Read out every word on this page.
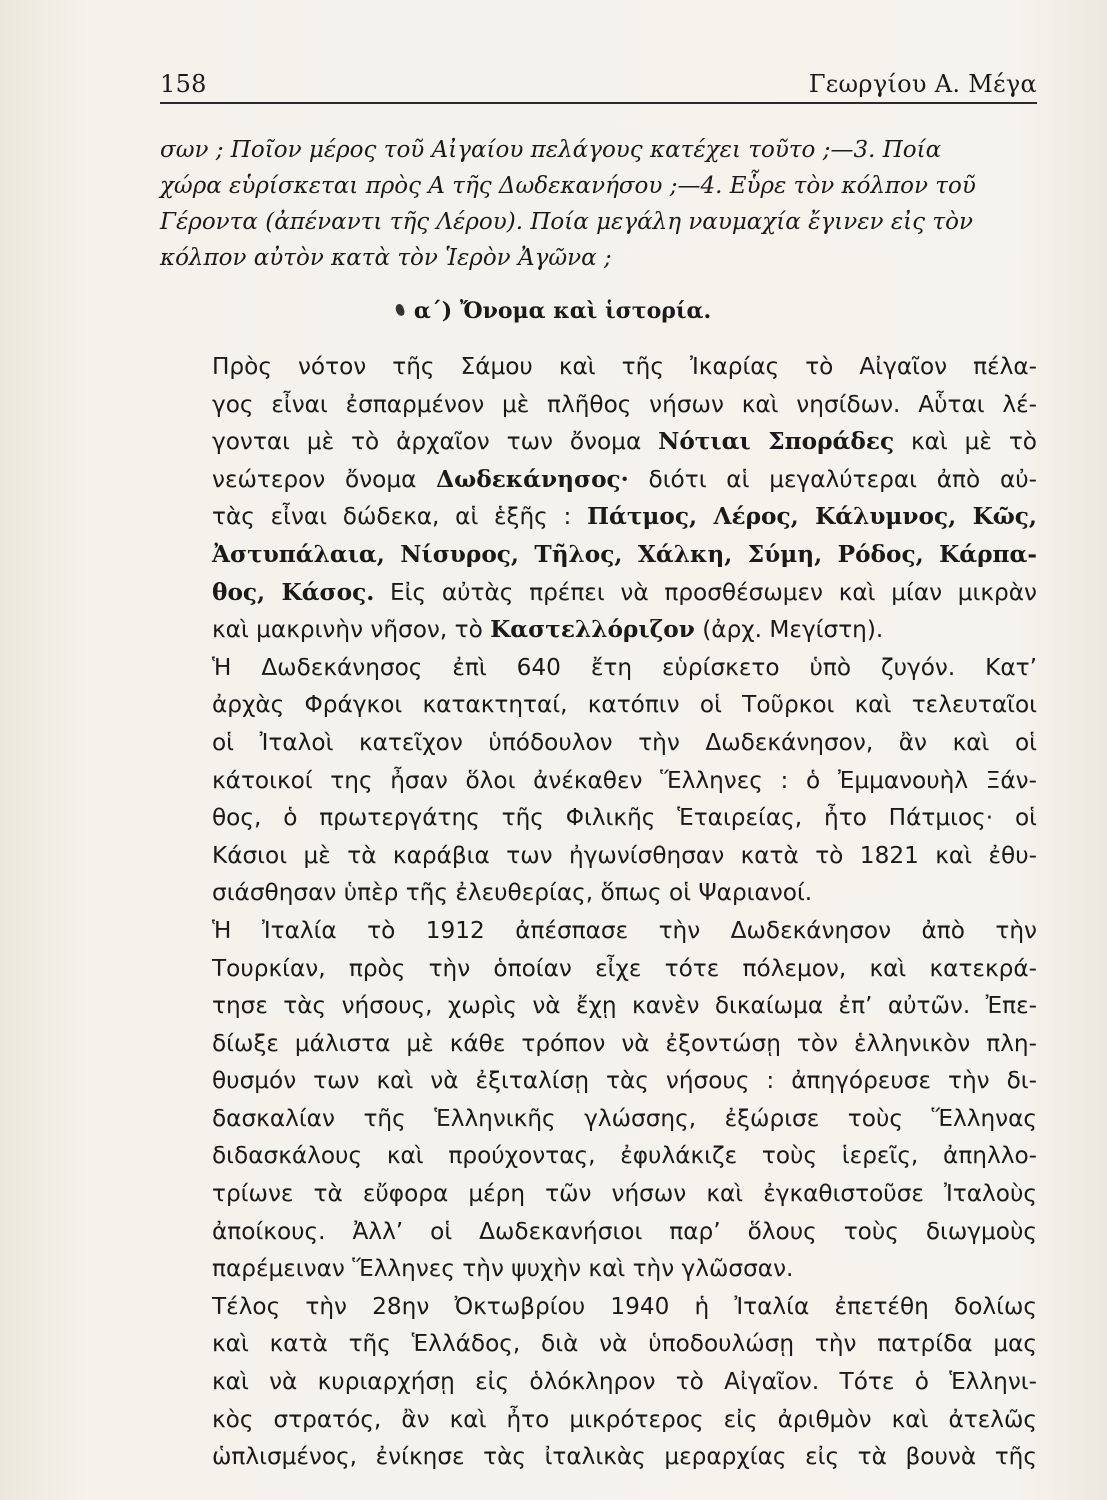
158	Γεωργίου Α. Μέγα
σων ; Ποῖον μέρος τοῦ Αἰγαίου πελάγους κατέχει τοῦτο ;—3. Ποία
χώρα εὑρίσκεται πρὸς Α τῆς Δωδεκανήσου ;—4. Εὗρε τὸν κόλπον τοῦ
Γέροντα (ἀπέναντι τῆς Λέρου). Ποία μεγάλη ναυμαχία ἔγινεν εἰς τὸν
κόλπον αὐτὸν κατὰ τὸν Ἱερὸν Ἀγῶνα ;
α΄) Ὄνομα καὶ ἱστορία.

Πρὸς νότον τῆς Σάμου καὶ τῆς Ἰκαρίας τὸ Αἰγαῖον πέλα-
γος εἶναι ἐσπαρμένον μὲ πλῆθος νήσων καὶ νησίδων. Αὗται λέ-
γονται μὲ τὸ ἀρχαῖον των ὄνομα Νότιαι Σποράδες καὶ μὲ τὸ
νεώτερον ὄνομα Δωδεκάνησος· διότι αἱ μεγαλύτεραι ἀπὸ αὐ-
τὰς εἶναι δώδεκα, αἱ ἑξῆς : Πάτμος, Λέρος, Κάλυμνος, Κῶς,
Ἀστυπάλαια, Νίσυρος, Τῆλος, Χάλκη, Σύμη, Ρόδος, Κάρπα-
θος, Κάσος. Εἰς αὐτὰς πρέπει νὰ προσθέσωμεν καὶ μίαν μικρὰν
καὶ μακρινὴν νῆσον, τὸ Καστελλόριζον (ἀρχ. Μεγίστη).

Ἡ Δωδεκάνησος ἐπὶ 640 ἔτη εὑρίσκετο ὑπὸ ζυγόν. Κατ’
ἀρχὰς Φράγκοι κατακτηταί, κατόπιν οἱ Τοῦρκοι καὶ τελευταῖοι
οἱ Ἰταλοὶ κατεῖχον ὑπόδουλον τὴν Δωδεκάνησον, ἂν καὶ οἱ
κάτοικοί της ἦσαν ὅλοι ἀνέκαθεν Ἕλληνες : ὁ Ἐμμανουὴλ Ξάν-
θος, ὁ πρωτεργάτης τῆς Φιλικῆς Ἑταιρείας, ἦτο Πάτμιος· οἱ
Κάσιοι μὲ τὰ καράβια των ἠγωνίσθησαν κατὰ τὸ 1821 καὶ ἐθυ-
σιάσθησαν ὑπὲρ τῆς ἐλευθερίας, ὅπως οἱ Ψαριανοί.

Ἡ Ἰταλία τὸ 1912 ἀπέσπασε τὴν Δωδεκάνησον ἀπὸ τὴν
Τουρκίαν, πρὸς τὴν ὁποίαν εἶχε τότε πόλεμον, καὶ κατεκρά-
τησε τὰς νήσους, χωρὶς νὰ ἔχῃ κανὲν δικαίωμα ἐπ’ αὐτῶν. Ἐπε-
δίωξε μάλιστα μὲ κάθε τρόπον νὰ ἐξοντώσῃ τὸν ἑλληνικὸν πλη-
θυσμόν των καὶ νὰ ἐξιταλίσῃ τὰς νήσους : ἀπηγόρευσε τὴν δι-
δασκαλίαν τῆς Ἑλληνικῆς γλώσσης, ἐξώρισε τοὺς Ἕλληνας
διδασκάλους καὶ προύχοντας, ἐφυλάκιζε τοὺς ἱερεῖς, ἀπηλλο-
τρίωνε τὰ εὔφορα μέρη τῶν νήσων καὶ ἐγκαθιστοῦσε Ἰταλοὺς
ἀποίκους. Ἀλλ’ οἱ Δωδεκανήσιοι παρ’ ὅλους τοὺς διωγμοὺς
παρέμειναν Ἕλληνες τὴν ψυχὴν καὶ τὴν γλῶσσαν.

Τέλος τὴν 28ην Ὀκτωβρίου 1940 ἡ Ἰταλία ἐπετέθη δολίως
καὶ κατὰ τῆς Ἑλλάδος, διὰ νὰ ὑποδουλώσῃ τὴν πατρίδα μας
καὶ νὰ κυριαρχήσῃ εἰς ὁλόκληρον τὸ Αἰγαῖον. Τότε ὁ Ἑλληνι-
κὸς στρατός, ἂν καὶ ἦτο μικρότερος εἰς ἀριθμὸν καὶ ἀτελῶς
ὡπλισμένος, ἐνίκησε τὰς ἰταλικὰς μεραρχίας εἰς τὰ βουνὰ τῆς
